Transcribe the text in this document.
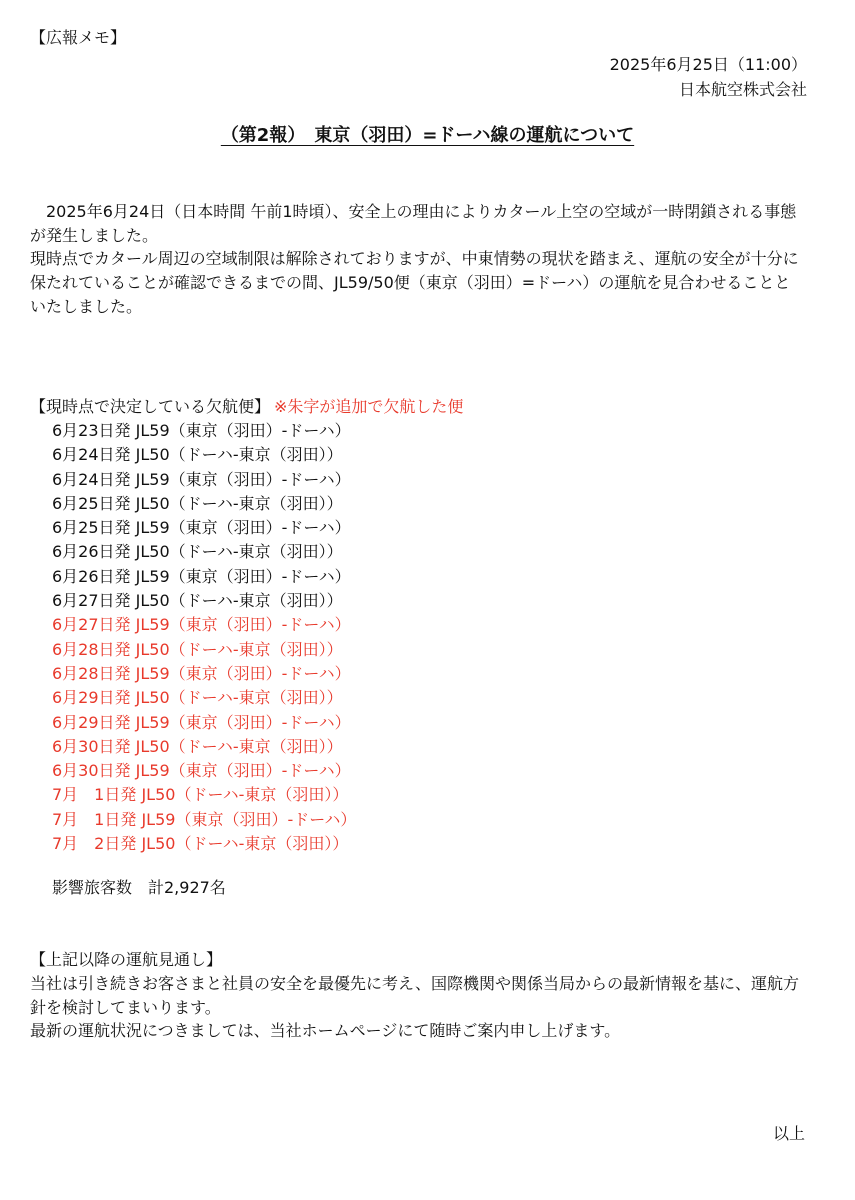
【広報メモ】
2025年6月25日（11:00）
日本航空株式会社
（第2報）　東京（羽田）=ドーハ線の運航について

　2025年6月24日（日本時間 午前1時頃）、安全上の理由によりカタール上空の空域が一時閉鎖される事態が発生しました。

現時点でカタール周辺の空域制限は解除されておりますが、中東情勢の現状を踏まえ、運航の安全が十分に保たれていることが確認できるまでの間、JL59/50便（東京（羽田）=ドーハ）の運航を見合わせることといたしました。

【現時点で決定している欠航便】 ※朱字が追加で欠航した便
6月23日発 JL59（東京（羽田）-ドーハ）
6月24日発 JL50（ドーハ-東京（羽田））
6月24日発 JL59（東京（羽田）-ドーハ）
6月25日発 JL50（ドーハ-東京（羽田））
6月25日発 JL59（東京（羽田）-ドーハ）
6月26日発 JL50（ドーハ-東京（羽田））
6月26日発 JL59（東京（羽田）-ドーハ）
6月27日発 JL50（ドーハ-東京（羽田））
6月27日発 JL59（東京（羽田）-ドーハ）
6月28日発 JL50（ドーハ-東京（羽田））
6月28日発 JL59（東京（羽田）-ドーハ）
6月29日発 JL50（ドーハ-東京（羽田））
6月29日発 JL59（東京（羽田）-ドーハ）
6月30日発 JL50（ドーハ-東京（羽田））
6月30日発 JL59（東京（羽田）-ドーハ）
7月　1日発 JL50（ドーハ-東京（羽田））
7月　1日発 JL59（東京（羽田）-ドーハ）
7月　2日発 JL50（ドーハ-東京（羽田））
影響旅客数　計2,927名

【上記以降の運航見通し】

当社は引き続きお客さまと社員の安全を最優先に考え、国際機関や関係当局からの最新情報を基に、運航方針を検討してまいります。

最新の運航状況につきましては、当社ホームページにて随時ご案内申し上げます。

以上
